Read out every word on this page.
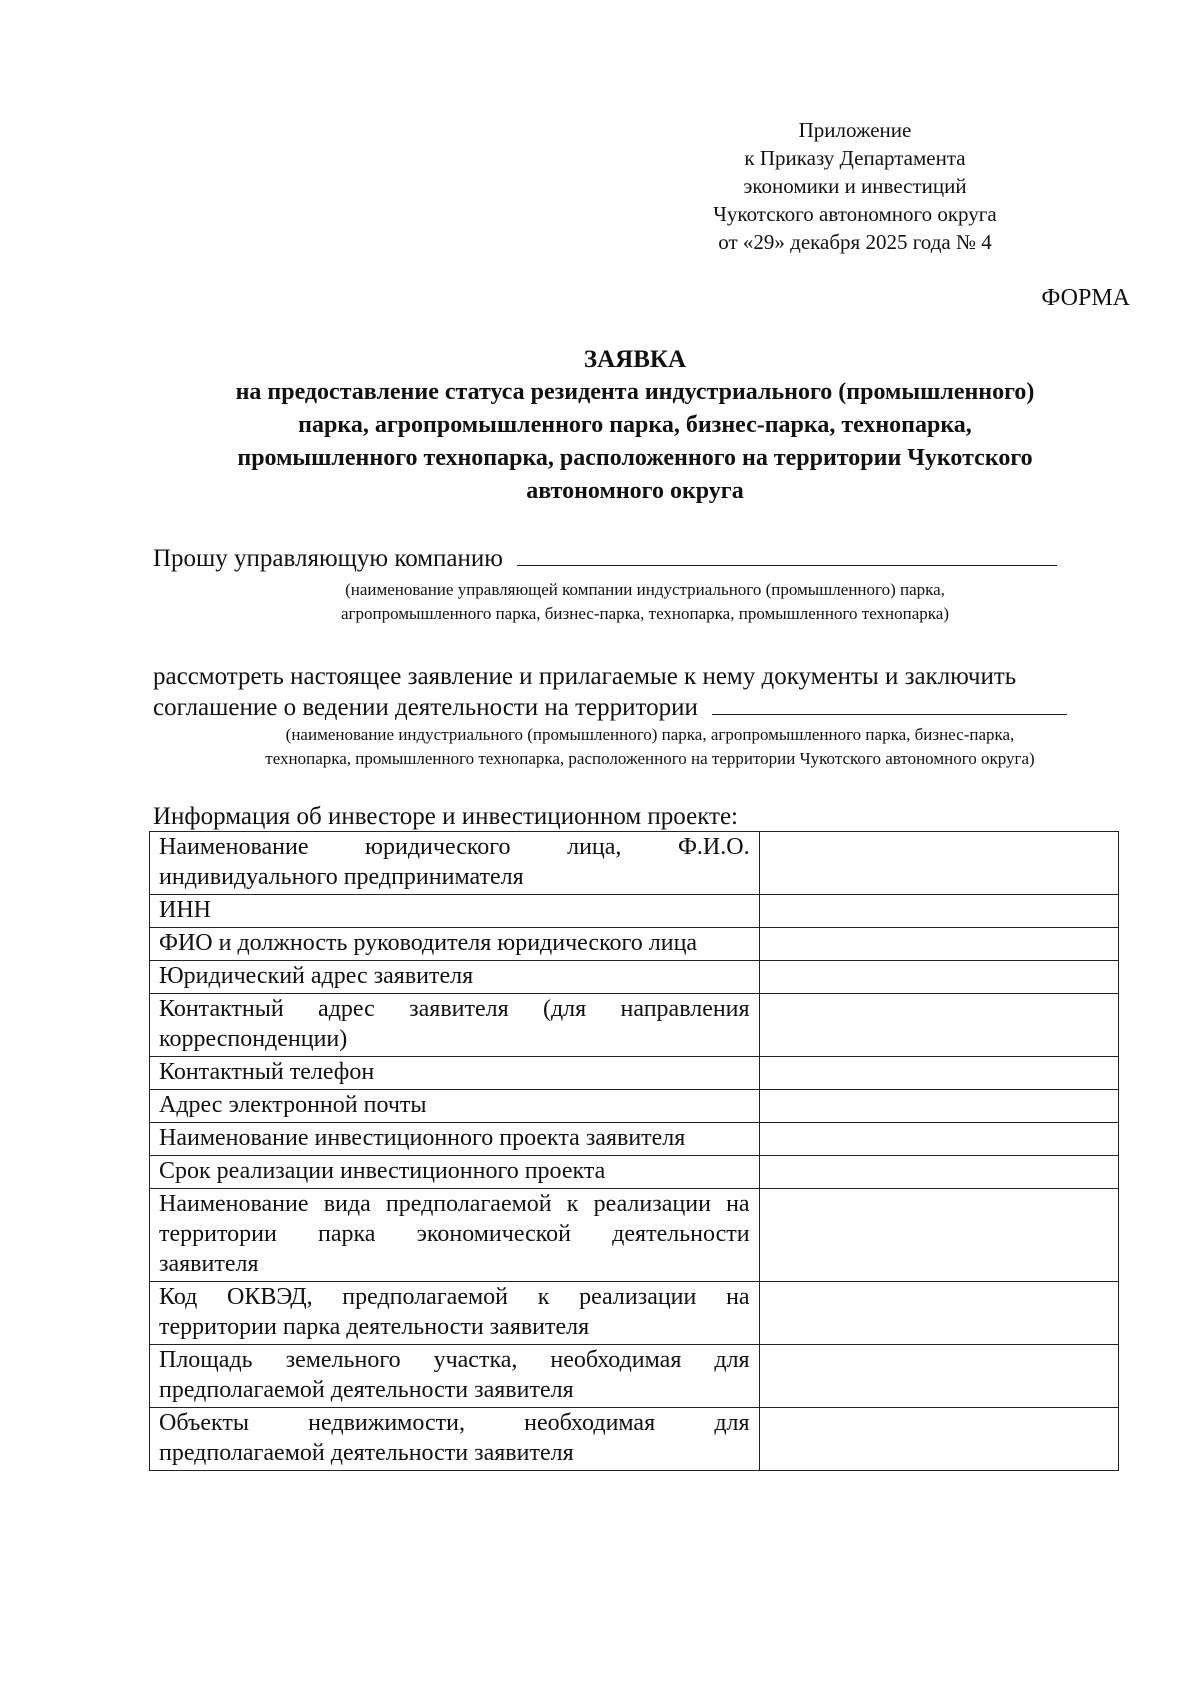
Приложение
к Приказу Департамента
экономики и инвестиций
Чукотского автономного округа
от «29» декабря 2025 года № 4
ФОРМА
ЗАЯВКА
на предоставление статуса резидента индустриального (промышленного)
парка, агропромышленного парка, бизнес-парка, технопарка,
промышленного технопарка, расположенного на территории Чукотского
автономного округа
Прошу управляющую компанию
(наименование управляющей компании индустриального (промышленного) парка,
агропромышленного парка, бизнес-парка, технопарка, промышленного технопарка)
рассмотреть настоящее заявление и прилагаемые к нему документы и заключить
соглашение о ведении деятельности на территории
(наименование индустриального (промышленного) парка, агропромышленного парка, бизнес-парка,
технопарка, промышленного технопарка, расположенного на территории Чукотского автономного округа)
Информация об инвесторе и инвестиционном проекте:
Наименование юридического лица, Ф.И.О. индивидуального предпринимателя	
ИНН	
ФИО и должность руководителя юридического лица	
Юридический адрес заявителя	
Контактный адрес заявителя (для направления корреспонденции)	
Контактный телефон	
Адрес электронной почты	
Наименование инвестиционного проекта заявителя	
Срок реализации инвестиционного проекта	
Наименование вида предполагаемой к реализации на территории парка экономической деятельности заявителя	
Код ОКВЭД, предполагаемой к реализации на территории парка деятельности заявителя	
Площадь земельного участка, необходимая для предполагаемой деятельности заявителя	
Объекты недвижимости, необходимая для предполагаемой деятельности заявителя	
